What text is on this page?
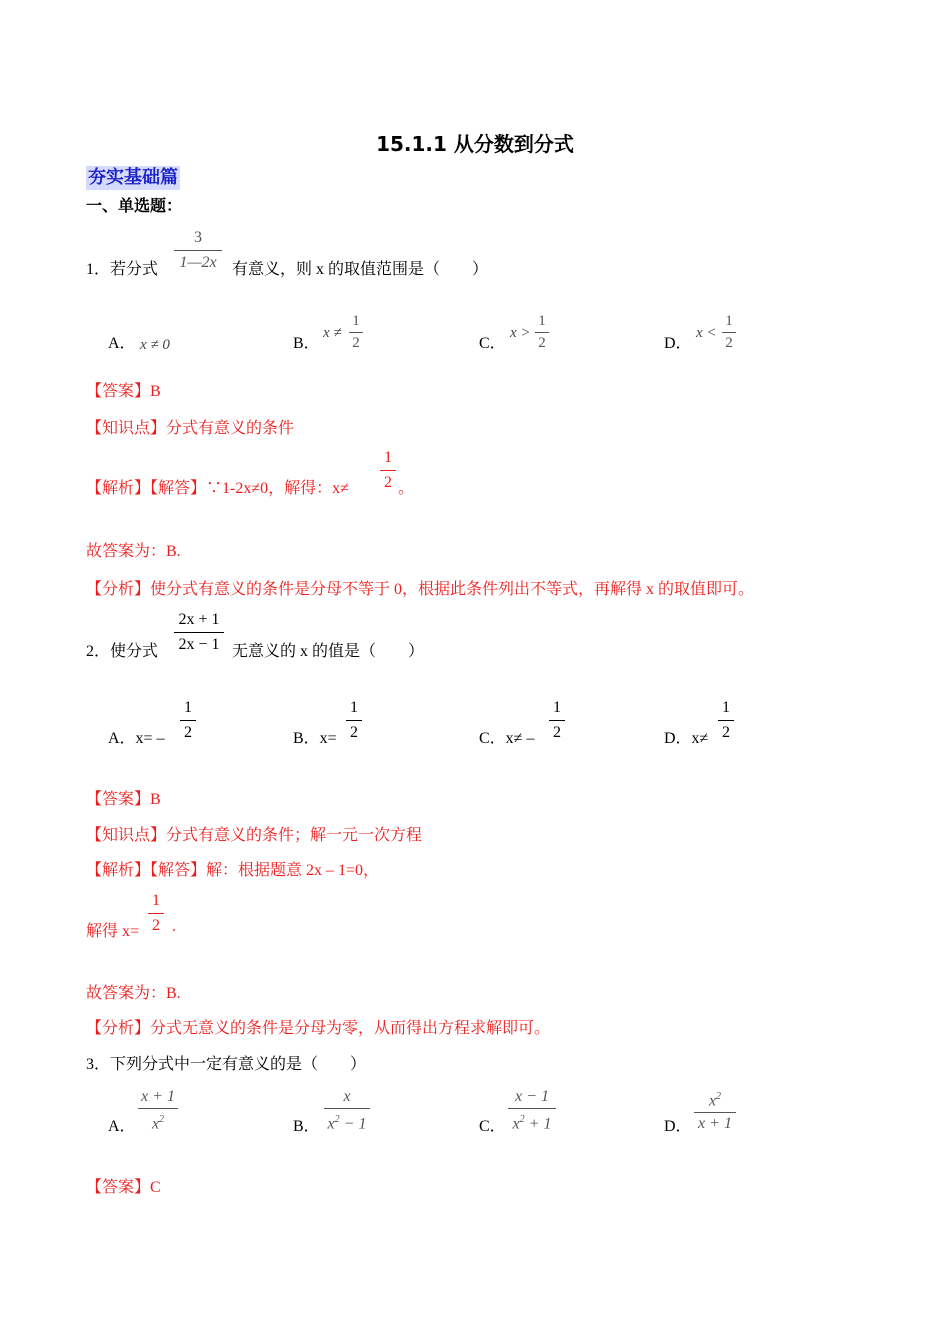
15.1.1 从分数到分式
夯实基础篇
一、单选题：
1．若分式
3
1—2x 有意义，则 x 的取值范围是（　　）
A． x ≠ 0	B．
x ≠
1
2	C．
x >
1
2	D．
x <
1
2
【答案】B
【知识点】分式有意义的条件
【解析】【解答】∵1-2x≠0，解得：x≠
1
2 。
故答案为：B.
【分析】使分式有意义的条件是分母不等于 0，根据此条件列出不等式，再解得 x 的取值即可。
2．使分式
2x + 1
2x − 1 无意义的 x 的值是（　　）
A．x= –
1
2	B．x=
1
2	C．x≠ –
1
2	D．x≠
1
2
【答案】B
【知识点】分式有意义的条件；解一元一次方程
【解析】【解答】解：根据题意 2x – 1=0，
解得 x=
1
2 .
故答案为：B.
【分析】分式无意义的条件是分母为零，从而得出方程求解即可。
3．下列分式中一定有意义的是（　　）
A．
x + 1
$x^2$	B．
x
$x^2 - 1$	C．
x − 1
$x^2 + 1$	D．
$x^2$
x + 1
【答案】C
